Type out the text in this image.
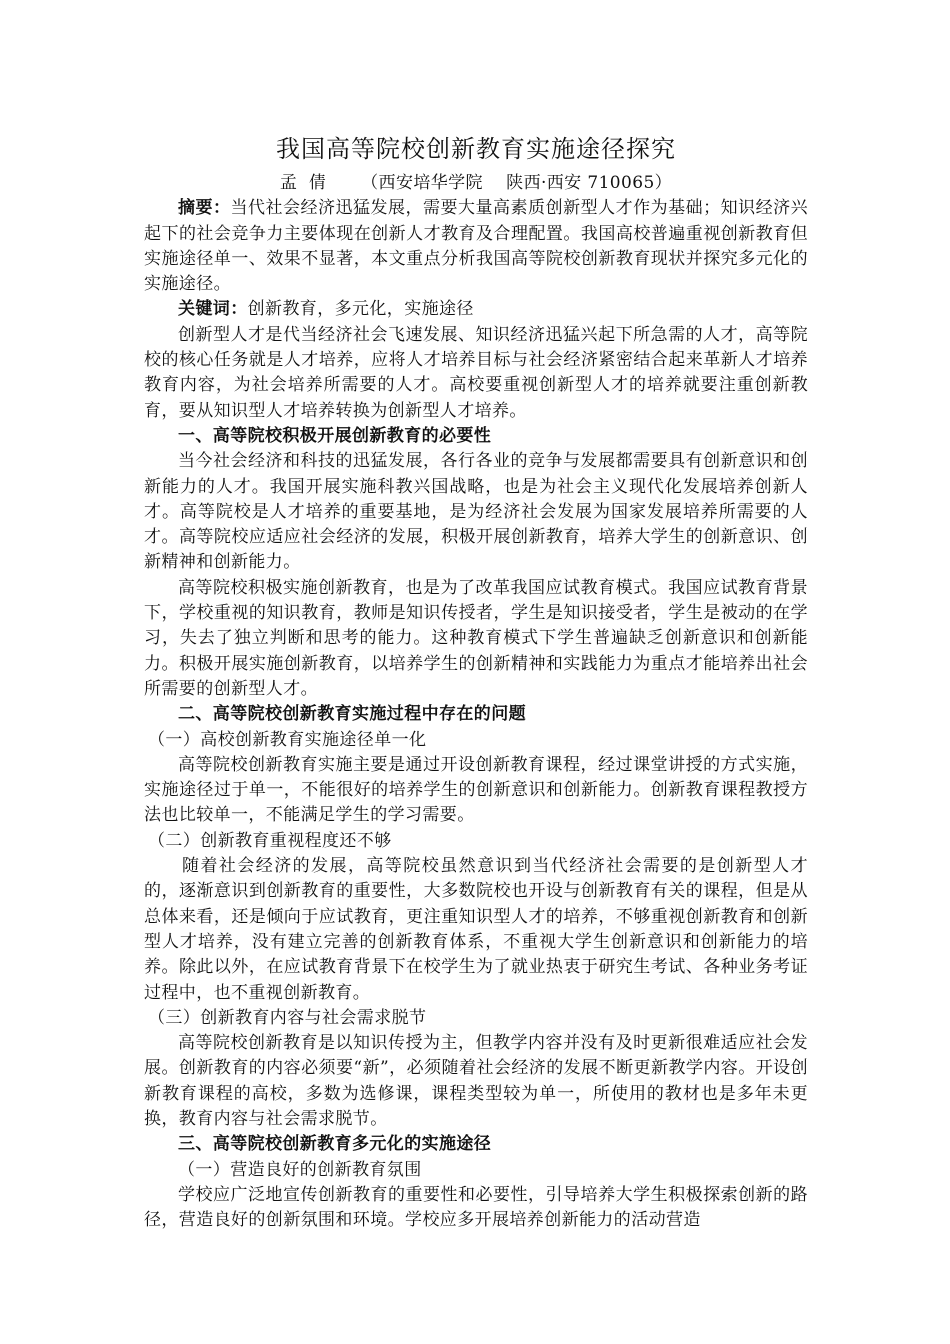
我国高等院校创新教育实施途径探究
孟  倩      （西安培华学院    陕西·西安 710065）

摘要：当代社会经济迅猛发展，需要大量高素质创新型人才作为基础；知识经济兴起下的社会竞争力主要体现在创新人才教育及合理配置。我国高校普遍重视创新教育但实施途径单一、效果不显著，本文重点分析我国高等院校创新教育现状并探究多元化的实施途径。

关键词：创新教育，多元化，实施途径

创新型人才是代当经济社会飞速发展、知识经济迅猛兴起下所急需的人才，高等院校的核心任务就是人才培养，应将人才培养目标与社会经济紧密结合起来革新人才培养教育内容，为社会培养所需要的人才。高校要重视创新型人才的培养就要注重创新教育，要从知识型人才培养转换为创新型人才培养。

一、高等院校积极开展创新教育的必要性

当今社会经济和科技的迅猛发展，各行各业的竞争与发展都需要具有创新意识和创新能力的人才。我国开展实施科教兴国战略，也是为社会主义现代化发展培养创新人才。高等院校是人才培养的重要基地，是为经济社会发展为国家发展培养所需要的人才。高等院校应适应社会经济的发展，积极开展创新教育，培养大学生的创新意识、创新精神和创新能力。

高等院校积极实施创新教育，也是为了改革我国应试教育模式。我国应试教育背景下，学校重视的知识教育，教师是知识传授者，学生是知识接受者，学生是被动的在学习，失去了独立判断和思考的能力。这种教育模式下学生普遍缺乏创新意识和创新能力。积极开展实施创新教育，以培养学生的创新精神和实践能力为重点才能培养出社会所需要的创新型人才。

二、高等院校创新教育实施过程中存在的问题

（一）高校创新教育实施途径单一化

高等院校创新教育实施主要是通过开设创新教育课程，经过课堂讲授的方式实施，实施途径过于单一，不能很好的培养学生的创新意识和创新能力。创新教育课程教授方法也比较单一，不能满足学生的学习需要。

（二）创新教育重视程度还不够

随着社会经济的发展，高等院校虽然意识到当代经济社会需要的是创新型人才的，逐渐意识到创新教育的重要性，大多数院校也开设与创新教育有关的课程，但是从总体来看，还是倾向于应试教育，更注重知识型人才的培养，不够重视创新教育和创新型人才培养，没有建立完善的创新教育体系，不重视大学生创新意识和创新能力的培养。除此以外，在应试教育背景下在校学生为了就业热衷于研究生考试、各种业务考证过程中，也不重视创新教育。

（三）创新教育内容与社会需求脱节

高等院校创新教育是以知识传授为主，但教学内容并没有及时更新很难适应社会发展。创新教育的内容必须要“新”，必须随着社会经济的发展不断更新教学内容。开设创新教育课程的高校，多数为选修课，课程类型较为单一，所使用的教材也是多年未更换，教育内容与社会需求脱节。

三、高等院校创新教育多元化的实施途径

（一）营造良好的创新教育氛围

学校应广泛地宣传创新教育的重要性和必要性，引导培养大学生积极探索创新的路径，营造良好的创新氛围和环境。学校应多开展培养创新能力的活动营造
